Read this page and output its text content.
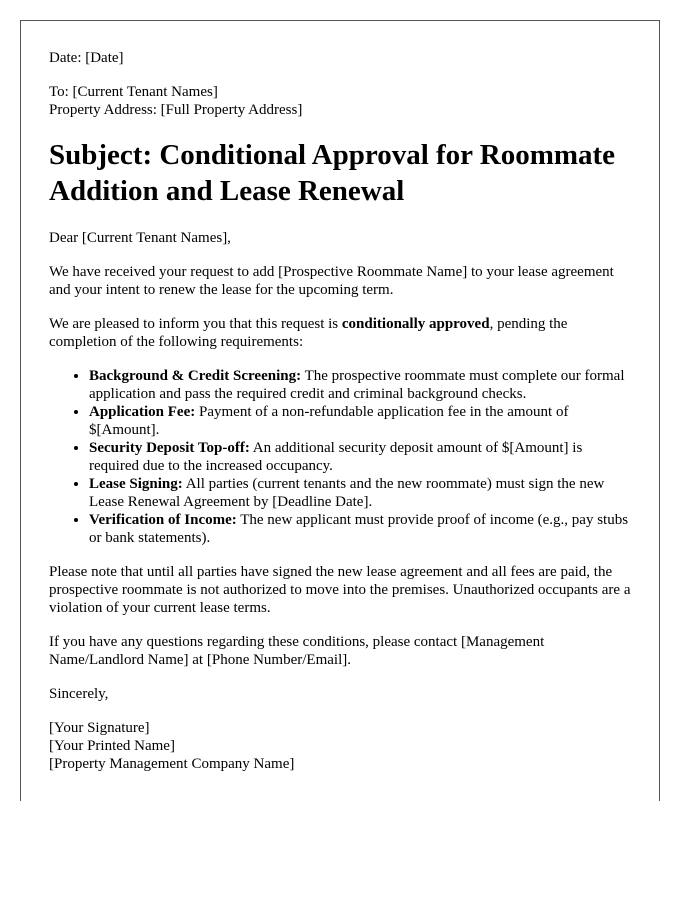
Date: [Date]

To: [Current Tenant Names]

Property Address: [Full Property Address]

Subject: Conditional Approval for Roommate Addition and Lease Renewal

Dear [Current Tenant Names],

We have received your request to add [Prospective Roommate Name] to your lease agreement and your intent to renew the lease for the upcoming term.

We are pleased to inform you that this request is conditionally approved, pending the completion of the following requirements:

• Background & Credit Screening: The prospective roommate must complete our formal application and pass the required credit and criminal background checks.
• Application Fee: Payment of a non-refundable application fee in the amount of $[Amount].
• Security Deposit Top-off: An additional security deposit amount of $[Amount] is required due to the increased occupancy.
• Lease Signing: All parties (current tenants and the new roommate) must sign the new Lease Renewal Agreement by [Deadline Date].
• Verification of Income: The new applicant must provide proof of income (e.g., pay stubs or bank statements).

Please note that until all parties have signed the new lease agreement and all fees are paid, the prospective roommate is not authorized to move into the premises. Unauthorized occupants are a violation of your current lease terms.

If you have any questions regarding these conditions, please contact [Management Name/Landlord Name] at [Phone Number/Email].

Sincerely,

[Your Signature]

[Your Printed Name]

[Property Management Company Name]
